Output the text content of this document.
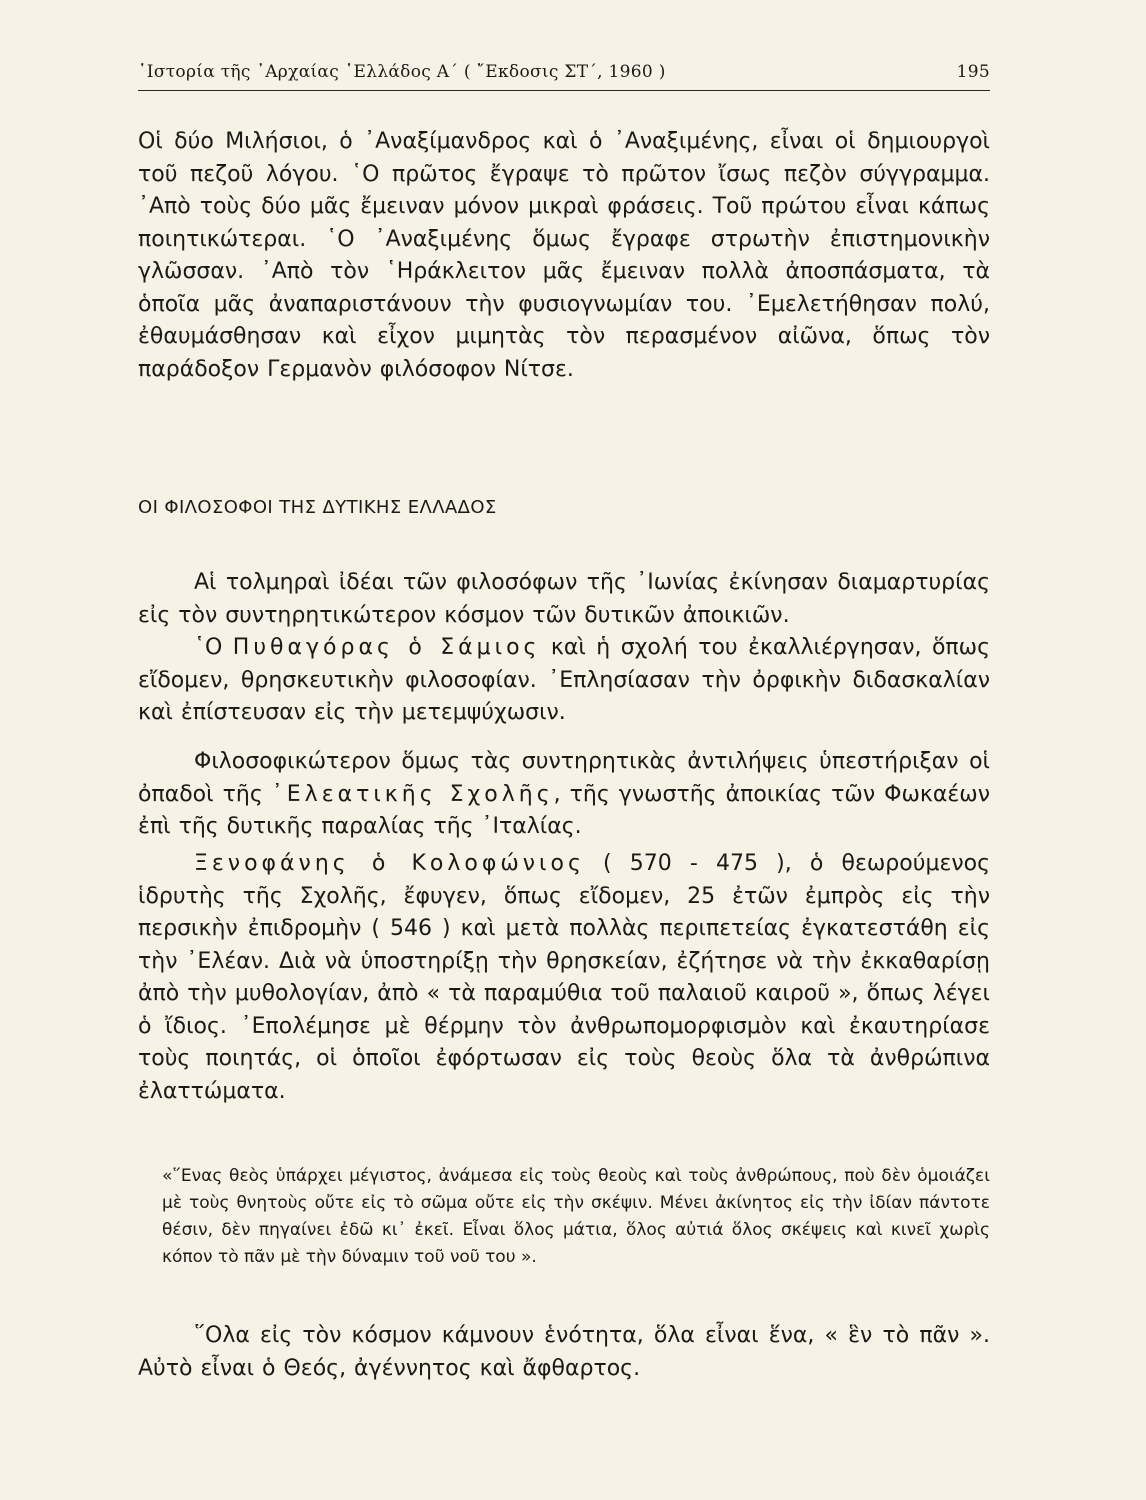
῾Ιστορία τῆς ᾿Αρχαίας ῾Ελλάδος Α΄ ( ῎Εκδοσις ΣΤ΄, 1960 )	195

Οἱ δύο Μιλήσιοι, ὁ ᾿Αναξίμανδρος καὶ ὁ ᾿Αναξιμένης, εἶναι οἱ δημιουργοὶ τοῦ πεζοῦ λόγου. ῾Ο πρῶτος ἔγραψε τὸ πρῶτον ἴσως πεζὸν σύγγραμμα. ᾿Απὸ τοὺς δύο μᾶς ἔμειναν μόνον μικραὶ φράσεις. Τοῦ πρώτου εἶναι κάπως ποιητικώτεραι. ῾Ο ᾿Αναξιμένης ὅμως ἔγραφε στρωτὴν ἐπιστημονικὴν γλῶσσαν. ᾿Απὸ τὸν ῾Ηράκλειτον μᾶς ἔμειναν πολλὰ ἀποσπάσματα, τὰ ὁποῖα μᾶς ἀναπαριστάνουν τὴν φυσιογνωμίαν του. ᾿Εμελετήθησαν πολύ, ἐθαυμάσθησαν καὶ εἶχον μιμητὰς τὸν περασμένον αἰῶνα, ὅπως τὸν παράδοξον Γερμανὸν φιλόσοφον Νίτσε.

ΟΙ ΦΙΛΟΣΟΦΟΙ ΤΗΣ ΔΥΤΙΚΗΣ ΕΛΛΑΔΟΣ

Αἱ τολμηραὶ ἰδέαι τῶν φιλοσόφων τῆς ᾿Ιωνίας ἐκίνησαν διαμαρτυρίας εἰς τὸν συντηρητικώτερον κόσμον τῶν δυτικῶν ἀποικιῶν.

῾Ο Πυθαγόρας ὁ Σάμιος καὶ ἡ σχολή του ἐκαλλιέργησαν, ὅπως εἴδομεν, θρησκευτικὴν φιλοσοφίαν. ᾿Επλησίασαν τὴν ὀρφικὴν διδασκαλίαν καὶ ἐπίστευσαν εἰς τὴν μετεμψύχωσιν.

Φιλοσοφικώτερον ὅμως τὰς συντηρητικὰς ἀντιλήψεις ὑπεστήριξαν οἱ ὀπαδοὶ τῆς ᾿Ελεατικῆς Σχολῆς, τῆς γνωστῆς ἀποικίας τῶν Φωκαέων ἐπὶ τῆς δυτικῆς παραλίας τῆς ᾿Ιταλίας.

Ξενοφάνης ὁ Κολοφώνιος ( 570 - 475 ), ὁ θεωρούμενος ἱδρυτὴς τῆς Σχολῆς, ἔφυγεν, ὅπως εἴδομεν, 25 ἐτῶν ἐμπρὸς εἰς τὴν περσικὴν ἐπιδρομὴν ( 546 ) καὶ μετὰ πολλὰς περιπετείας ἐγκατεστάθη εἰς τὴν ᾿Ελέαν. Διὰ νὰ ὑποστηρίξῃ τὴν θρησκείαν, ἐζήτησε νὰ τὴν ἐκκαθαρίσῃ ἀπὸ τὴν μυθολογίαν, ἀπὸ « τὰ παραμύθια τοῦ παλαιοῦ καιροῦ », ὅπως λέγει ὁ ἴδιος. ᾿Επολέμησε μὲ θέρμην τὸν ἀνθρωπομορφισμὸν καὶ ἐκαυτηρίασε τοὺς ποιητάς, οἱ ὁποῖοι ἐφόρτωσαν εἰς τοὺς θεοὺς ὅλα τὰ ἀνθρώπινα ἐλαττώματα.

«῞Ενας θεὸς ὑπάρχει μέγιστος, ἀνάμεσα εἰς τοὺς θεοὺς καὶ τοὺς ἀνθρώπους, ποὺ δὲν ὁμοιάζει μὲ τοὺς θνητοὺς οὔτε εἰς τὸ σῶμα οὔτε εἰς τὴν σκέψιν. Μένει ἀκίνητος εἰς τὴν ἰδίαν πάντοτε θέσιν, δὲν πηγαίνει ἐδῶ κι᾿ ἐκεῖ. Εἶναι ὅλος μάτια, ὅλος αὐτιά ὅλος σκέψεις καὶ κινεῖ χωρὶς κόπον τὸ πᾶν μὲ τὴν δύναμιν τοῦ νοῦ του ».

῞Ολα εἰς τὸν κόσμον κάμνουν ἑνότητα, ὅλα εἶναι ἕνα, « ἓν τὸ πᾶν ». Αὐτὸ εἶναι ὁ Θεός, ἀγέννητος καὶ ἄφθαρτος.
